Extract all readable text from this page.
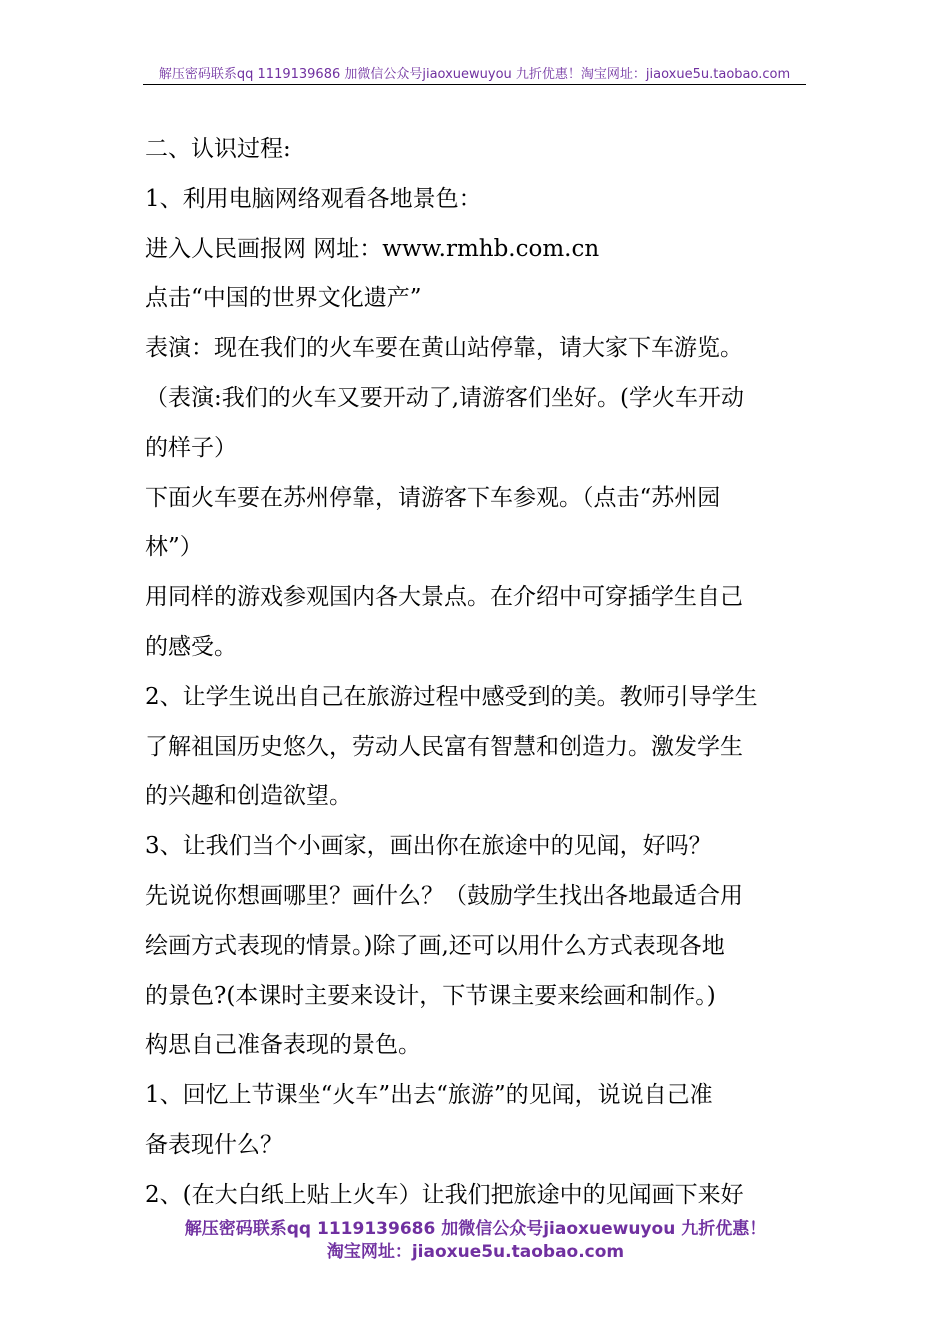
解压密码联系qq 1119139686 加微信公众号jiaoxuewuyou 九折优惠！淘宝网址：jiaoxue5u.taobao.com
二、认识过程:
1、利用电脑网络观看各地景色：
进入人民画报网 网址：www.rmhb.com.cn
点击“中国的世界文化遗产”
表演：现在我们的火车要在黄山站停靠，请大家下车游览。
（表演:我们的火车又要开动了,请游客们坐好。(学火车开动
的样子）
下面火车要在苏州停靠，请游客下车参观。（点击“苏州园
林”）
用同样的游戏参观国内各大景点。在介绍中可穿插学生自己
的感受。
2、让学生说出自己在旅游过程中感受到的美。教师引导学生
了解祖国历史悠久，劳动人民富有智慧和创造力。激发学生
的兴趣和创造欲望。
3、让我们当个小画家，画出你在旅途中的见闻，好吗？
先说说你想画哪里？画什么？（鼓励学生找出各地最适合用
绘画方式表现的情景。)除了画,还可以用什么方式表现各地
的景色?(本课时主要来设计，下节课主要来绘画和制作。)
构思自己准备表现的景色。
1、回忆上节课坐“火车”出去“旅游”的见闻，说说自己准
备表现什么？
2、(在大白纸上贴上火车）让我们把旅途中的见闻画下来好
解压密码联系qq 1119139686 加微信公众号jiaoxuewuyou 九折优惠！
淘宝网址：jiaoxue5u.taobao.com
